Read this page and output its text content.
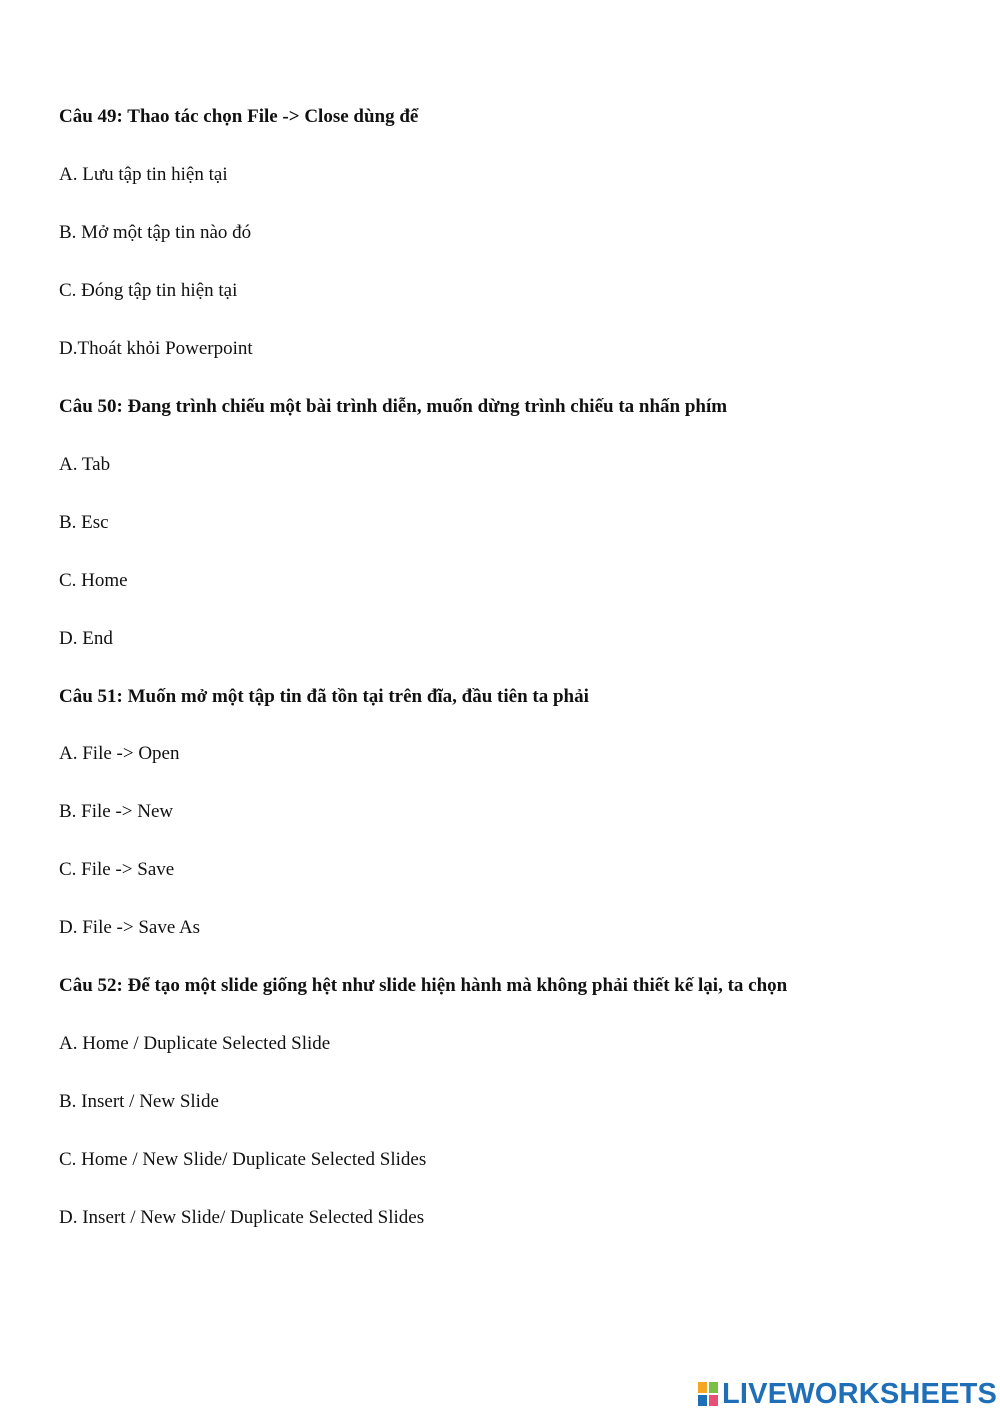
Câu 49: Thao tác chọn File -> Close dùng để
A. Lưu tập tin hiện tại
B. Mở một tập tin nào đó
C. Đóng tập tin hiện tại
D.Thoát khỏi Powerpoint
Câu 50: Đang trình chiếu một bài trình diễn, muốn dừng trình chiếu ta nhấn phím
A. Tab
B. Esc
C. Home
D. End
Câu 51: Muốn mở một tập tin đã tồn tại trên đĩa, đầu tiên ta phải
A. File -> Open
B. File -> New
C. File -> Save
D. File -> Save As
Câu 52: Để tạo một slide giống hệt như slide hiện hành mà không phải thiết kế lại, ta chọn
A. Home / Duplicate Selected Slide
B. Insert / New Slide
C. Home / New Slide/ Duplicate Selected Slides
D. Insert / New Slide/ Duplicate Selected Slides
LIVEWORKSHEETS
